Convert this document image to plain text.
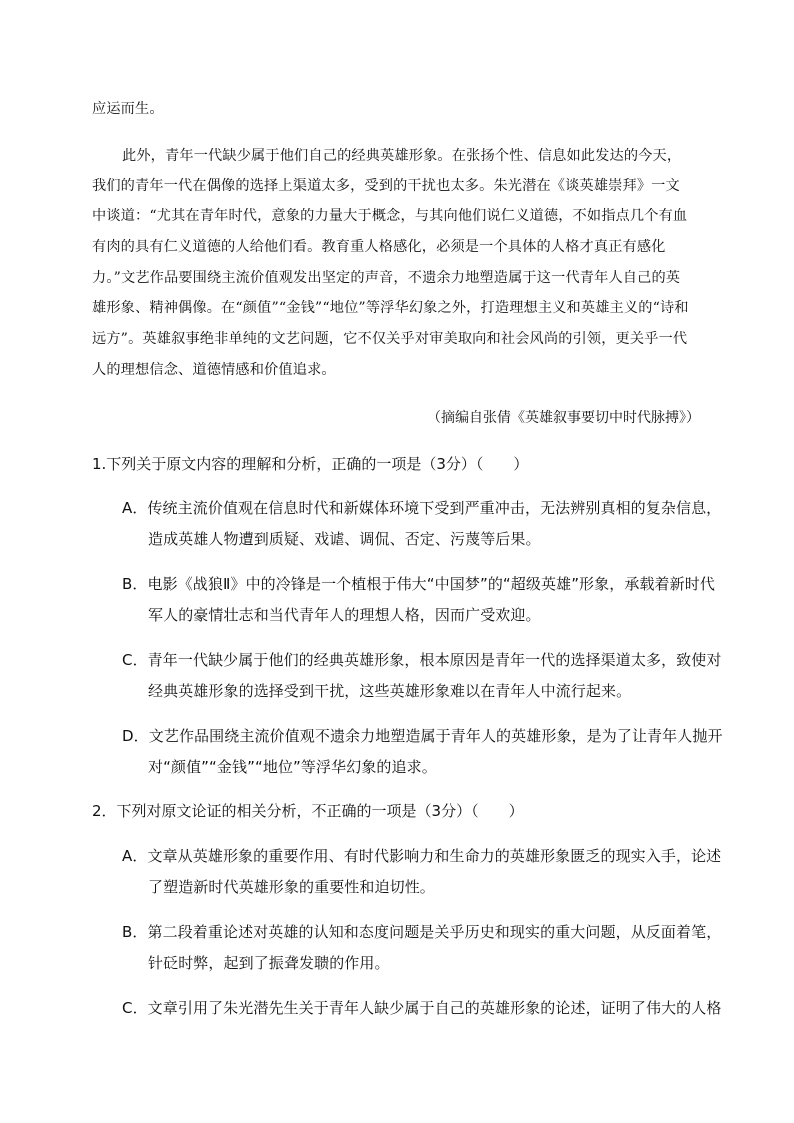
应运而生。
此外，青年一代缺少属于他们自己的经典英雄形象。在张扬个性、信息如此发达的今天，
我们的青年一代在偶像的选择上渠道太多，受到的干扰也太多。朱光潜在《谈英雄崇拜》一文
中谈道：“尤其在青年时代，意象的力量大于概念，与其向他们说仁义道德，不如指点几个有血
有肉的具有仁义道德的人给他们看。教育重人格感化，必须是一个具体的人格才真正有感化
力。”文艺作品要围绕主流价值观发出坚定的声音，不遗余力地塑造属于这一代青年人自己的英
雄形象、精神偶像。在“颜值”“金钱”“地位”等浮华幻象之外，打造理想主义和英雄主义的“诗和
远方”。英雄叙事绝非单纯的文艺问题，它不仅关乎对审美取向和社会风尚的引领，更关乎一代
人的理想信念、道德情感和价值追求。
（摘编自张倩《英雄叙事要切中时代脉搏》）
1.下列关于原文内容的理解和分析，正确的一项是（3分）（　　）
A．传统主流价值观在信息时代和新媒体环境下受到严重冲击，无法辨别真相的复杂信息，
造成英雄人物遭到质疑、戏谑、调侃、否定、污蔑等后果。
B．电影《战狼Ⅱ》中的冷锋是一个植根于伟大“中国梦”的“超级英雄”形象，承载着新时代
军人的豪情壮志和当代青年人的理想人格，因而广受欢迎。
C．青年一代缺少属于他们的经典英雄形象，根本原因是青年一代的选择渠道太多，致使对
经典英雄形象的选择受到干扰，这些英雄形象难以在青年人中流行起来。
D．文艺作品围绕主流价值观不遗余力地塑造属于青年人的英雄形象，是为了让青年人抛开
对“颜值”“金钱”“地位”等浮华幻象的追求。
2．下列对原文论证的相关分析，不正确的一项是（3分）（　　）
A．文章从英雄形象的重要作用、有时代影响力和生命力的英雄形象匮乏的现实入手，论述
了塑造新时代英雄形象的重要性和迫切性。
B．第二段着重论述对英雄的认知和态度问题是关乎历史和现实的重大问题，从反面着笔，
针砭时弊，起到了振聋发聩的作用。
C．文章引用了朱光潜先生关于青年人缺少属于自己的英雄形象的论述，证明了伟大的人格
